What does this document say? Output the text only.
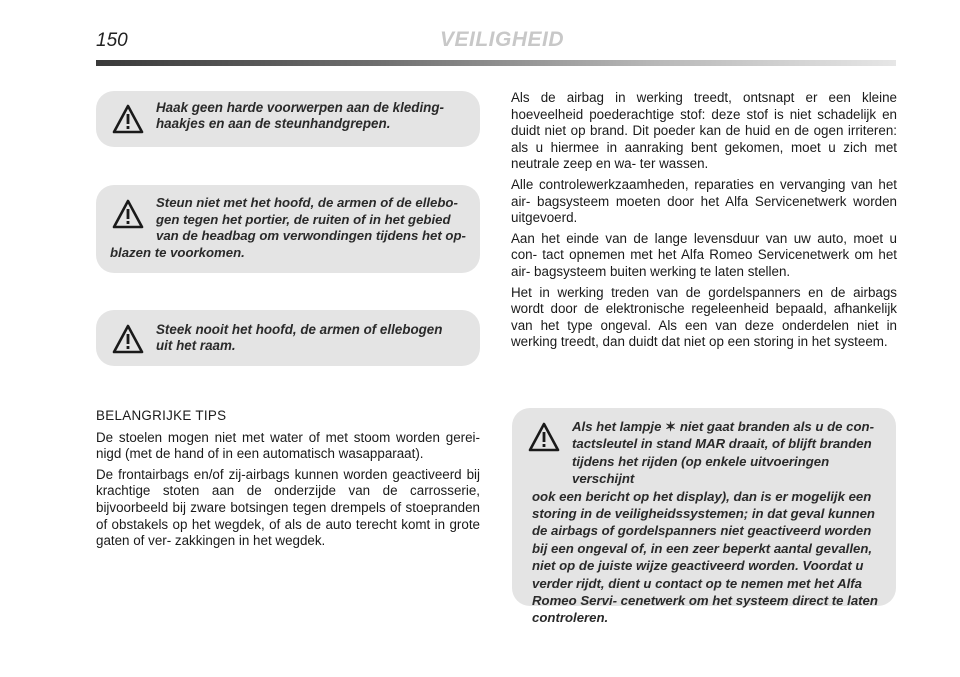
150	VEILIGHEID

Haak geen harde voorwerpen aan de kleding- haakjes en aan de steunhandgrepen.

Steun niet met het hoofd, de armen of de ellebo- gen tegen het portier, de ruiten of in het gebied van de headbag om verwondingen tijdens het op-
blazen te voorkomen.

Steek nooit het hoofd, de armen of ellebogen uit het raam.

Als de airbag in werking treedt, ontsnapt er een kleine hoeveelheid poederachtige stof: deze stof is niet schadelijk en duidt niet op brand. Dit poeder kan de huid en de ogen irriteren: als u hiermee in aanraking bent gekomen, moet u zich met neutrale zeep en wa- ter wassen.

Alle controlewerkzaamheden, reparaties en vervanging van het air- bagsysteem moeten door het Alfa Servicenetwerk worden uitgevoerd.

Aan het einde van de lange levensduur van uw auto, moet u con- tact opnemen met het Alfa Romeo Servicenetwerk om het air- bagsysteem buiten werking te laten stellen.

Het in werking treden van de gordelspanners en de airbags wordt door de elektronische regeleenheid bepaald, afhankelijk van het type ongeval. Als een van deze onderdelen niet in werking treedt, dan duidt dat niet op een storing in het systeem.

BELANGRIJKE TIPS

De stoelen mogen niet met water of met stoom worden gerei- nigd (met de hand of in een automatisch wasapparaat).

De frontairbags en/of zij-airbags kunnen worden geactiveerd bij krachtige stoten aan de onderzijde van de carrosserie, bijvoorbeeld bij zware botsingen tegen drempels of stoepranden of obstakels op het wegdek, of als de auto terecht komt in grote gaten of ver- zakkingen in het wegdek.

Als het lampje ✶ niet gaat branden als u de con- tactsleutel in stand MAR draait, of blijft branden tijdens het rijden (op enkele uitvoeringen verschijnt
ook een bericht op het display), dan is er mogelijk een storing in de veiligheidssystemen; in dat geval kunnen de airbags of gordelspanners niet geactiveerd worden bij een ongeval of, in een zeer beperkt aantal gevallen, niet op de juiste wijze geactiveerd worden. Voordat u verder rijdt, dient u contact op te nemen met het Alfa Romeo Servi- cenetwerk om het systeem direct te laten controleren.
